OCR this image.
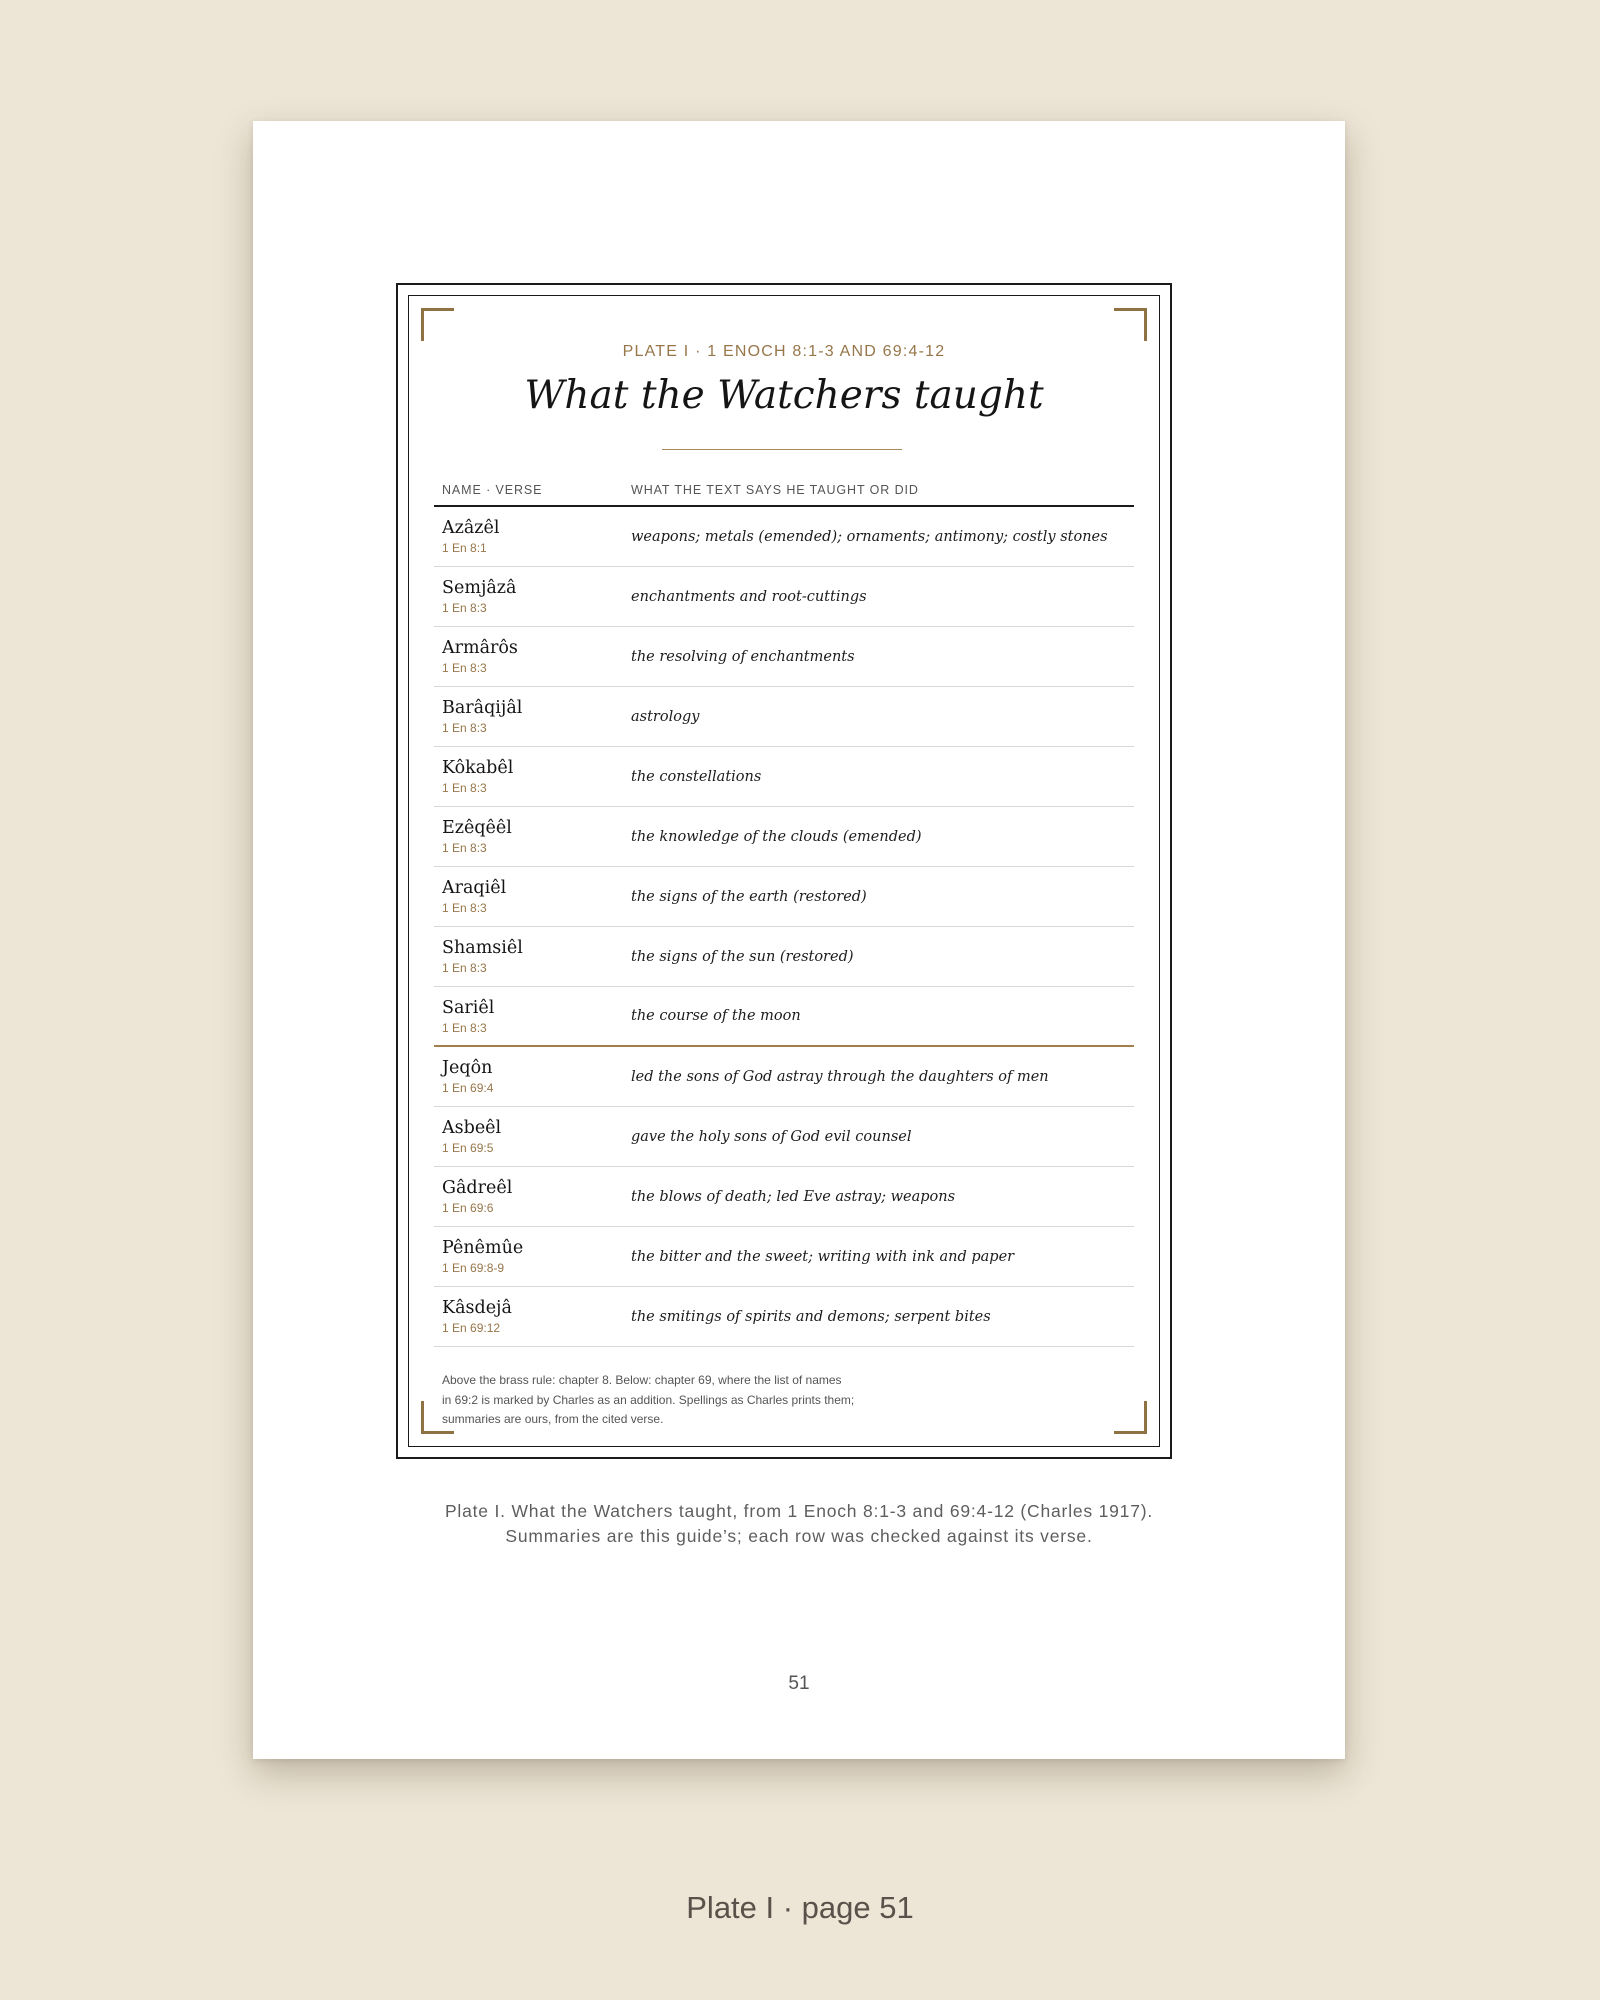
PLATE I · 1 ENOCH 8:1-3 AND 69:4-12
What the Watchers taught
NAME · VERSE	WHAT THE TEXT SAYS HE TAUGHT OR DID
Azâzêl
1 En 8:1
weapons; metals (emended); ornaments; antimony; costly stones
Semjâzâ
1 En 8:3
enchantments and root-cuttings
Armârôs
1 En 8:3
the resolving of enchantments
Barâqijâl
1 En 8:3
astrology
Kôkabêl
1 En 8:3
the constellations
Ezêqêêl
1 En 8:3
the knowledge of the clouds (emended)
Araqiêl
1 En 8:3
the signs of the earth (restored)
Shamsiêl
1 En 8:3
the signs of the sun (restored)
Sariêl
1 En 8:3
the course of the moon
Jeqôn
1 En 69:4
led the sons of God astray through the daughters of men
Asbeêl
1 En 69:5
gave the holy sons of God evil counsel
Gâdreêl
1 En 69:6
the blows of death; led Eve astray; weapons
Pênêmûe
1 En 69:8-9
the bitter and the sweet; writing with ink and paper
Kâsdejâ
1 En 69:12
the smitings of spirits and demons; serpent bites
Above the brass rule: chapter 8. Below: chapter 69, where the list of names
in 69:2 is marked by Charles as an addition. Spellings as Charles prints them;
summaries are ours, from the cited verse.
Plate I. What the Watchers taught, from 1 Enoch 8:1-3 and 69:4-12 (Charles 1917).
Summaries are this guide’s; each row was checked against its verse.
51
Plate I · page 51
